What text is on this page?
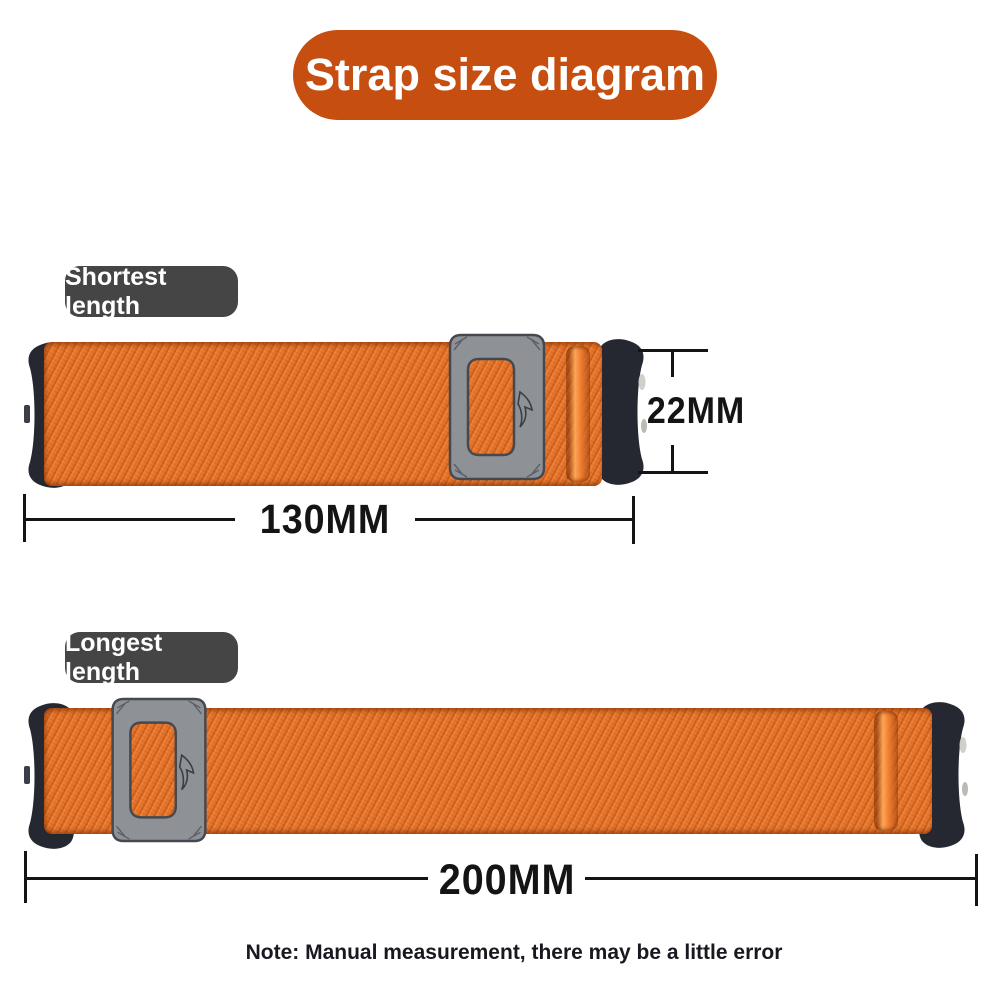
Strap size diagram
Shortest length
22MM
130MM
Longest length
200MM
Note: Manual measurement, there may be a little error
